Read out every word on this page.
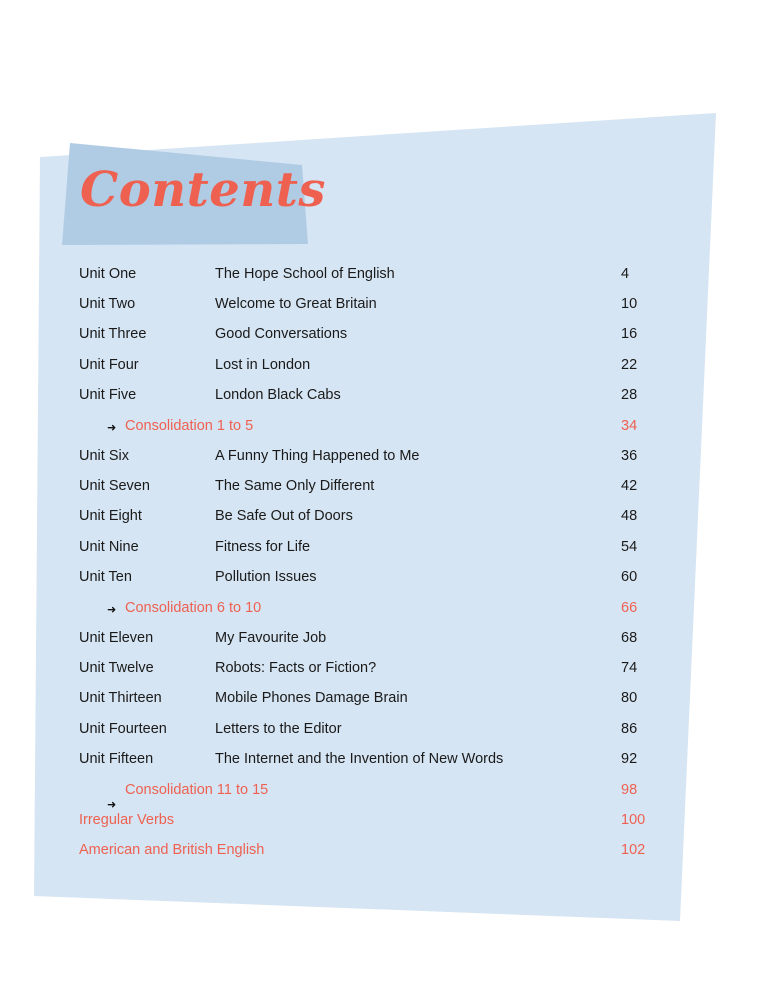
Contents
Unit One	The Hope School of English	4
Unit Two	Welcome to Great Britain	10
Unit Three	Good Conversations	16
Unit Four	Lost in London	22
Unit Five	London Black Cabs	28
➜ Consolidation 1 to 5	34
Unit Six	A Funny Thing Happened to Me	36
Unit Seven	The Same Only Different	42
Unit Eight	Be Safe Out of Doors	48
Unit Nine	Fitness for Life	54
Unit Ten	Pollution Issues	60
➜ Consolidation 6 to 10	66
Unit Eleven	My Favourite Job	68
Unit Twelve	Robots: Facts or Fiction?	74
Unit Thirteen	Mobile Phones Damage Brain	80
Unit Fourteen	Letters to the Editor	86
Unit Fifteen	The Internet and the Invention of New Words	92
➜
Consolidation 11 to 15	98
Irregular Verbs	100
American and British English	102
